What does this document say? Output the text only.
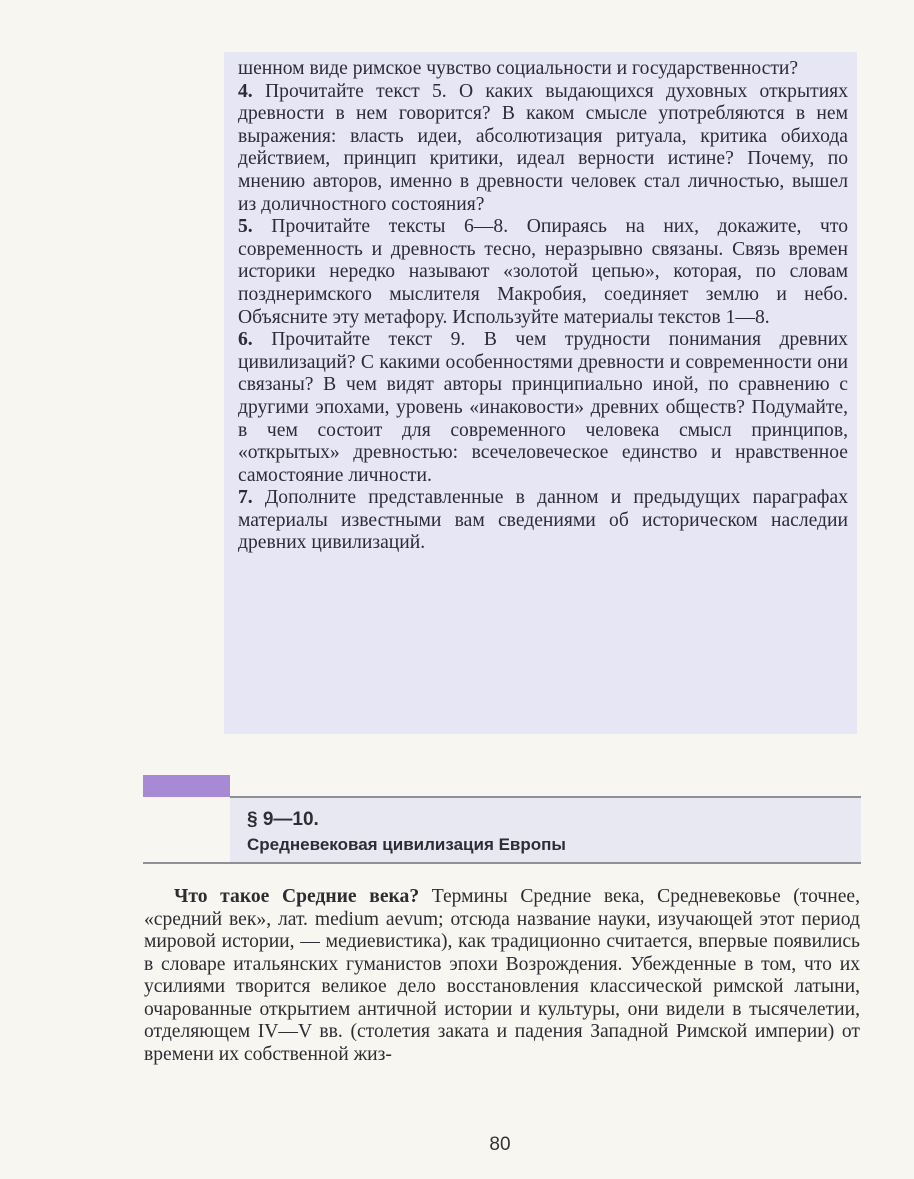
шенном виде римское чувство социальности и государственности?

4. Прочитайте текст 5. О каких выдающихся духовных открытиях древности в нем говорится? В каком смысле употребляются в нем выражения: власть идеи, абсолютизация ритуала, критика обихода действием, принцип критики, идеал верности истине? Почему, по мнению авторов, именно в древности человек стал личностью, вышел из доличностного состояния?

5. Прочитайте тексты 6—8. Опираясь на них, докажите, что современность и древность тесно, неразрывно связаны. Связь времен историки нередко называют «золотой цепью», которая, по словам позднеримского мыслителя Макробия, соединяет землю и небо. Объясните эту метафору. Используйте материалы текстов 1—8.

6. Прочитайте текст 9. В чем трудности понимания древних цивилизаций? С какими особенностями древности и современности они связаны? В чем видят авторы принципиально иной, по сравнению с другими эпохами, уровень «инаковости» древних обществ? Подумайте, в чем состоит для современного человека смысл принципов, «открытых» древностью: всечеловеческое единство и нравственное самостояние личности.

7. Дополните представленные в данном и предыдущих параграфах материалы известными вам сведениями об историческом наследии древних цивилизаций.

§ 9—10.
Средневековая цивилизация Европы

Что такое Средние века? Термины Средние века, Средневековье (точнее, «средний век», лат. medium aevum; отсюда название науки, изучающей этот период мировой истории, — медиевистика), как традиционно считается, впервые появились в словаре итальянских гуманистов эпохи Возрождения. Убежденные в том, что их усилиями творится великое дело восстановления классической римской латыни, очарованные открытием античной истории и культуры, они видели в тысячелетии, отделяющем IV—V вв. (столетия заката и падения Западной Римской империи) от времени их собственной жиз-

80
